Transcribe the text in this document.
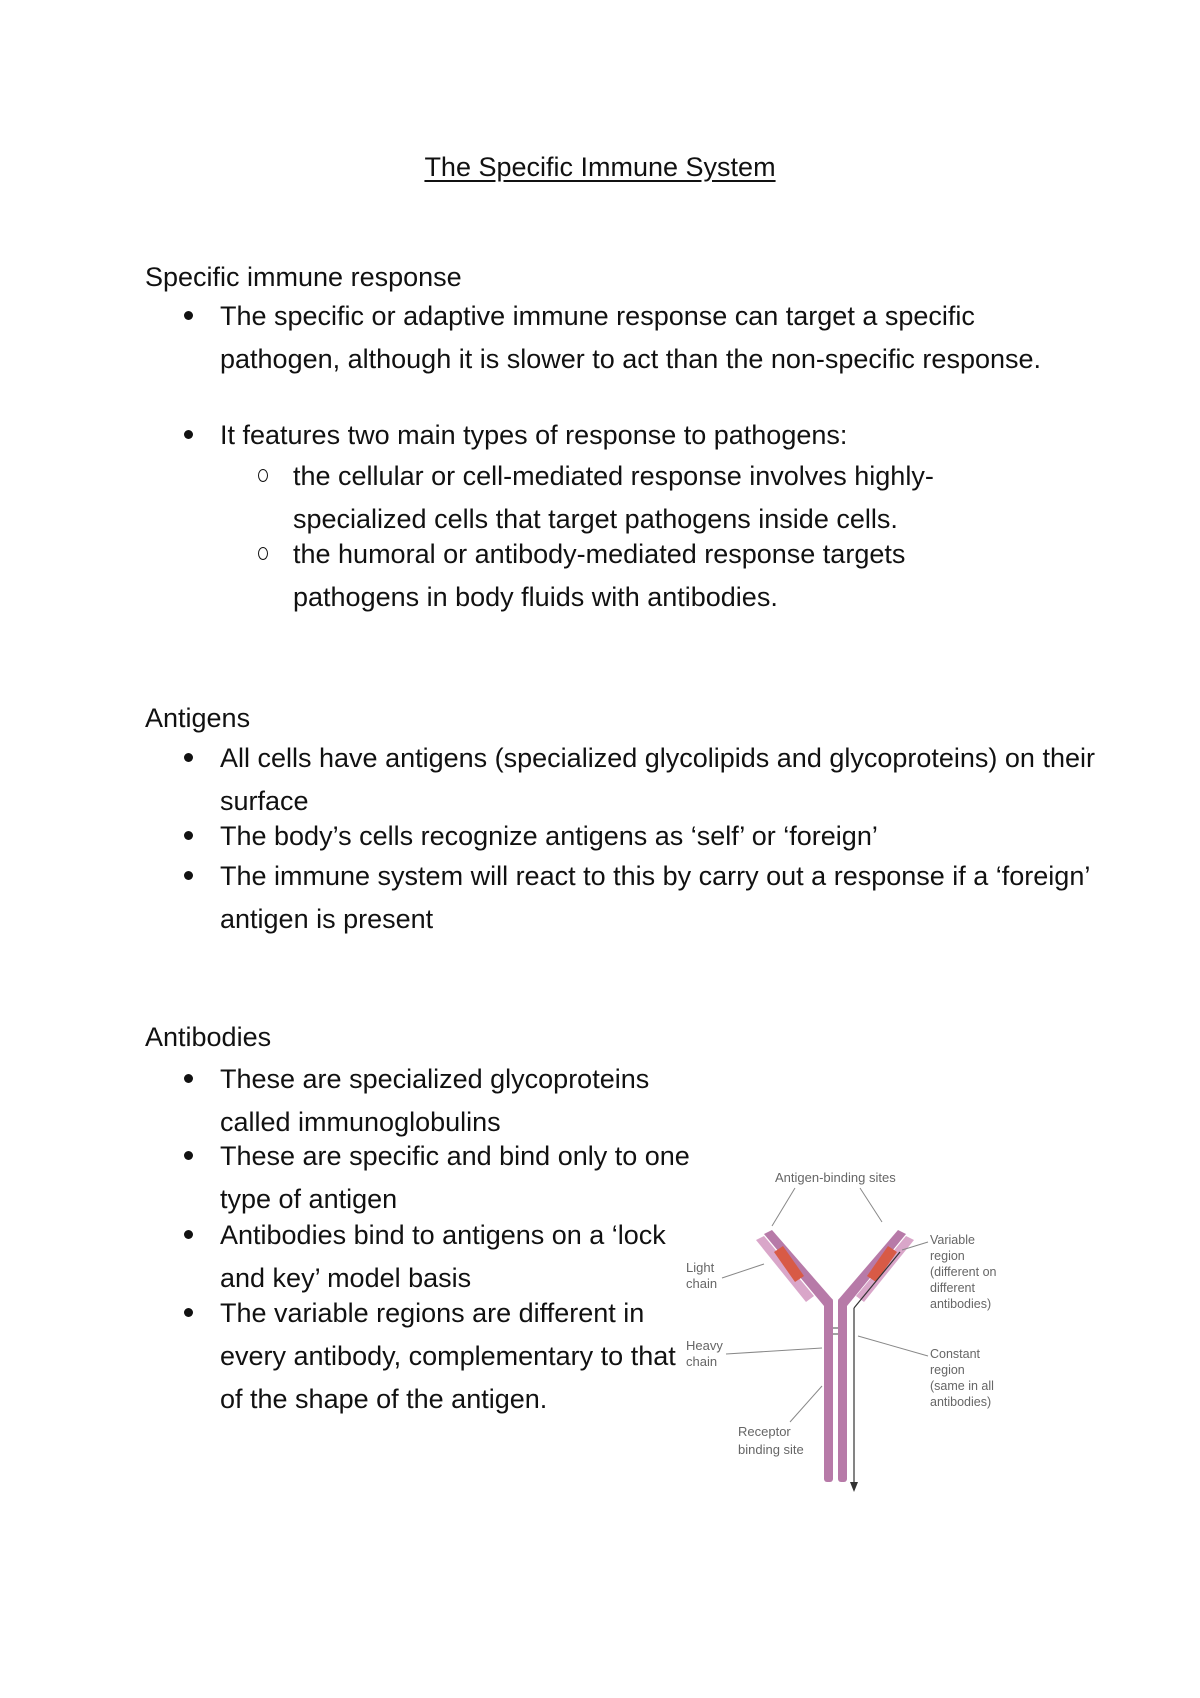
The Specific Immune System
Specific immune response
The specific or adaptive immune response can target a specific pathogen, although it is slower to act than the non-specific response.
It features two main types of response to pathogens:
the cellular or cell-mediated response involves highly-specialized cells that target pathogens inside cells.
the humoral or antibody-mediated response targets pathogens in body fluids with antibodies.
Antigens
All cells have antigens (specialized glycolipids and glycoproteins) on their surface
The body’s cells recognize antigens as ‘self’ or ‘foreign’
The immune system will react to this by carry out a response if a ‘foreign’ antigen is present
Antibodies
These are specialized glycoproteins called immunoglobulins
These are specific and bind only to one type of antigen
Antibodies bind to antigens on a ‘lock and key’ model basis
The variable regions are different in every antibody, complementary to that of the shape of the antigen.
Antigen-binding sites
Light chain
Heavy chain
Variable region (different on different antibodies)
Constant region (same in all antibodies)
Receptor binding site
